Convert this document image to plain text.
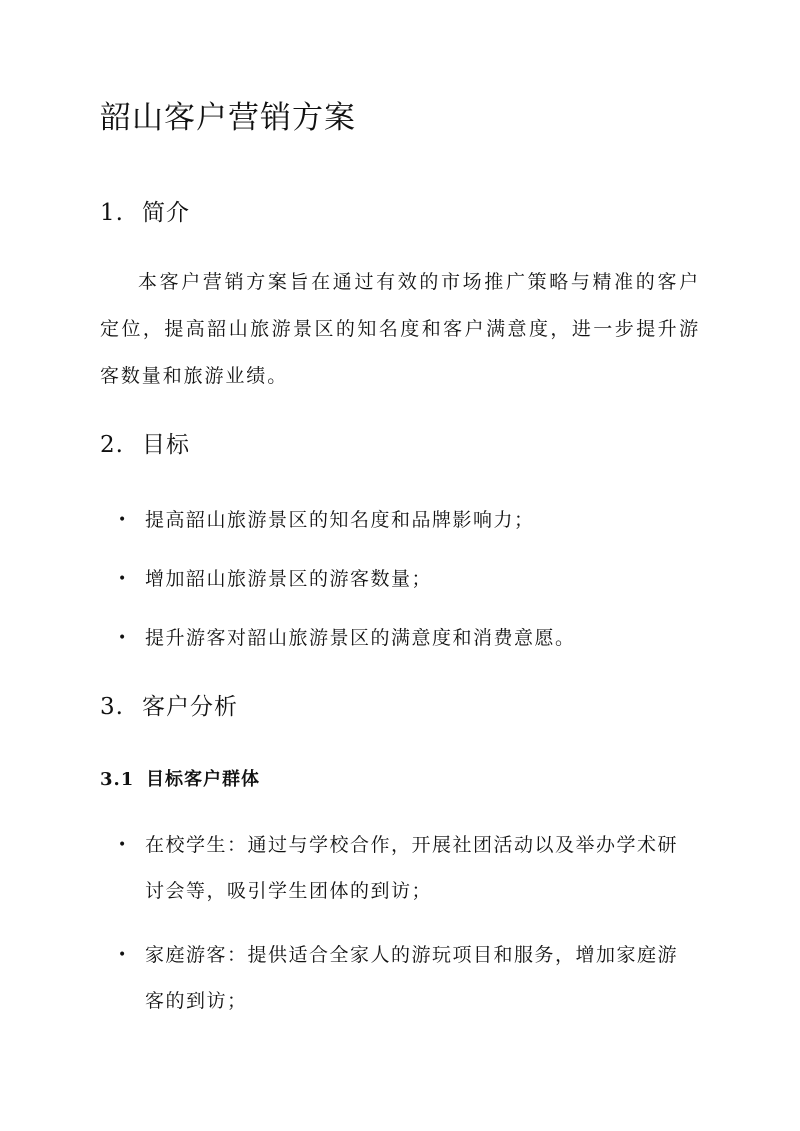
韶山客户营销方案
1. 简介

本客户营销方案旨在通过有效的市场推广策略与精准的客户定位，提高韶山旅游景区的知名度和客户满意度，进一步提升游客数量和旅游业绩。

2. 目标
• 提高韶山旅游景区的知名度和品牌影响力；
• 增加韶山旅游景区的游客数量；
• 提升游客对韶山旅游景区的满意度和消费意愿。
3. 客户分析
3.1 目标客户群体
• 在校学生：通过与学校合作，开展社团活动以及举办学术研讨会等，吸引学生团体的到访；
• 家庭游客：提供适合全家人的游玩项目和服务，增加家庭游客的到访；
